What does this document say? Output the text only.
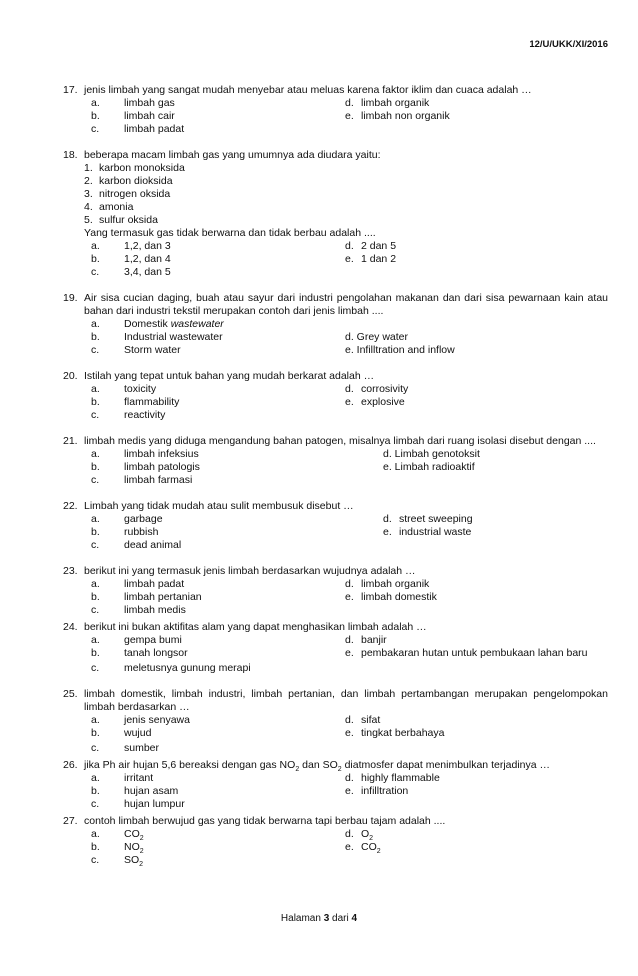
12/U/UKK/XI/2016
17. jenis limbah yang sangat mudah menyebar atau meluas karena faktor iklim dan cuaca adalah …
a.	limbah gas	d. limbah organik
b.	limbah cair	e. limbah non organik
c.	limbah padat
18. beberapa macam limbah gas yang umumnya ada diudara yaitu:
1. karbon monoksida
2. karbon dioksida
3. nitrogen oksida
4. amonia
5. sulfur oksida
Yang termasuk gas tidak berwarna dan tidak berbau adalah ....
a.	1,2, dan 3	d. 2 dan 5
b.	1,2, dan 4	e. 1 dan 2
c.	3,4, dan 5
19. Air sisa cucian daging, buah atau sayur dari industri pengolahan makanan dan dari sisa pewarnaan kain atau bahan dari industri tekstil merupakan contoh dari jenis limbah ....
a.	Domestik wastewater
b.	Industrial wastewater	d. Grey water
c.	Storm water	e. Infilltration and inflow
20. Istilah yang tepat untuk bahan yang mudah berkarat adalah …
a.	toxicity	d. corrosivity
b.	flammability	e. explosive
c.	reactivity
21. limbah medis yang diduga mengandung bahan patogen, misalnya limbah dari ruang isolasi disebut dengan ....
a.	limbah infeksius	d. Limbah genotoksit
b.	limbah patologis	e. Limbah radioaktif
c.	limbah farmasi
22. Limbah yang tidak mudah atau sulit membusuk disebut …
a.	garbage	d. street sweeping
b.	rubbish	e. industrial waste
c.	dead animal
23. berikut ini yang termasuk jenis limbah berdasarkan wujudnya adalah …
a.	limbah padat	d. limbah organik
b.	limbah pertanian	e. limbah domestik
c.	limbah medis
24. berikut ini bukan aktifitas alam yang dapat menghasikan limbah adalah …
a.	gempa bumi	d. banjir
b.	tanah longsor	e. pembakaran hutan untuk pembukaan lahan baru
c.	meletusnya gunung merapi
25. limbah domestik, limbah industri, limbah pertanian, dan limbah pertambangan merupakan pengelompokan limbah berdasarkan …
a.	jenis senyawa	d. sifat
b.	wujud	e. tingkat berbahaya
c.	sumber
26. jika Ph air hujan 5,6 bereaksi dengan gas $NO_2$ dan $SO_2$ diatmosfer dapat menimbulkan terjadinya …
a.	irritant	d. highly flammable
b.	hujan asam	e. infilltration
c.	hujan lumpur
27. contoh limbah berwujud gas yang tidak berwarna tapi berbau tajam adalah ....
a.	$CO_2$	d. $O_2$
b.	$NO_2$	e. $CO_2$
c.	$SO_2$
Halaman 3 dari 4
